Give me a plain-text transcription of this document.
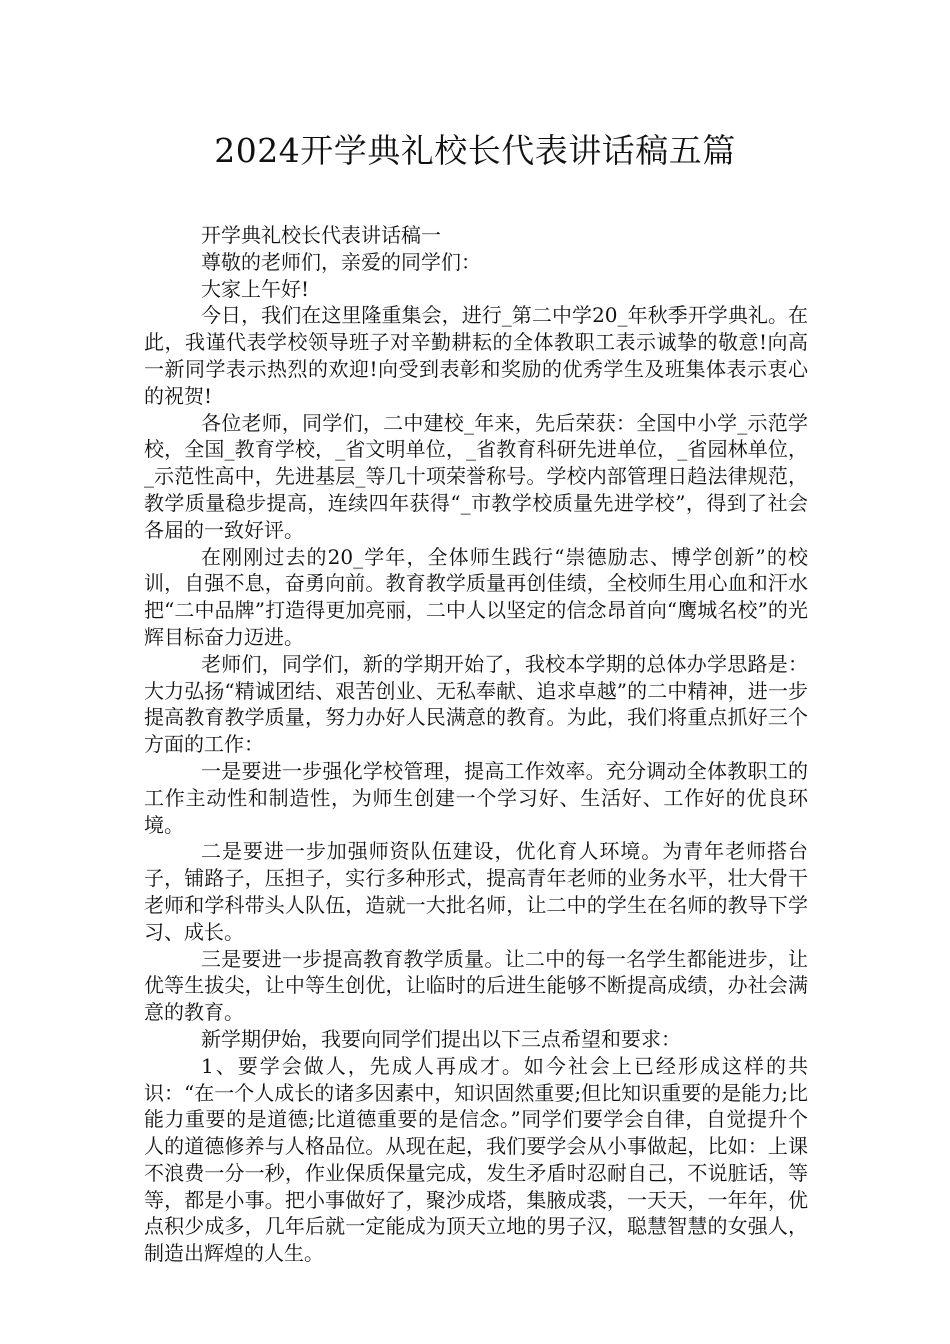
2024开学典礼校长代表讲话稿五篇

开学典礼校长代表讲话稿一

尊敬的老师们，亲爱的同学们：

大家上午好!

今日，我们在这里隆重集会，进行_第二中学20_年秋季开学典礼。在此，我谨代表学校领导班子对辛勤耕耘的全体教职工表示诚挚的敬意!向高一新同学表示热烈的欢迎!向受到表彰和奖励的优秀学生及班集体表示衷心的祝贺!

各位老师，同学们，二中建校_年来，先后荣获：全国中小学_示范学校，全国_教育学校，_省文明单位，_省教育科研先进单位，_省园林单位，_示范性高中，先进基层_等几十项荣誉称号。学校内部管理日趋法律规范，教学质量稳步提高，连续四年获得“_市教学校质量先进学校”，得到了社会各届的一致好评。

在刚刚过去的20_学年，全体师生践行“崇德励志、博学创新”的校训，自强不息，奋勇向前。教育教学质量再创佳绩，全校师生用心血和汗水把“二中品牌”打造得更加亮丽，二中人以坚定的信念昂首向“鹰城名校”的光辉目标奋力迈进。

老师们，同学们，新的学期开始了，我校本学期的总体办学思路是：大力弘扬“精诚团结、艰苦创业、无私奉献、追求卓越”的二中精神，进一步提高教育教学质量，努力办好人民满意的教育。为此，我们将重点抓好三个方面的工作：

一是要进一步强化学校管理，提高工作效率。充分调动全体教职工的工作主动性和制造性，为师生创建一个学习好、生活好、工作好的优良环境。

二是要进一步加强师资队伍建设，优化育人环境。为青年老师搭台子，铺路子，压担子，实行多种形式，提高青年老师的业务水平，壮大骨干老师和学科带头人队伍，造就一大批名师，让二中的学生在名师的教导下学习、成长。

三是要进一步提高教育教学质量。让二中的每一名学生都能进步，让优等生拔尖，让中等生创优，让临时的后进生能够不断提高成绩，办社会满意的教育。

新学期伊始，我要向同学们提出以下三点希望和要求：

1、要学会做人，先成人再成才。如今社会上已经形成这样的共识：“在一个人成长的诸多因素中，知识固然重要;但比知识重要的是能力;比能力重要的是道德;比道德重要的是信念。”同学们要学会自律，自觉提升个人的道德修养与人格品位。从现在起，我们要学会从小事做起，比如：上课不浪费一分一秒，作业保质保量完成，发生矛盾时忍耐自己，不说脏话，等等，都是小事。把小事做好了，聚沙成塔，集腋成裘，一天天，一年年，优点积少成多，几年后就一定能成为顶天立地的男子汉，聪慧智慧的女强人，制造出辉煌的人生。
